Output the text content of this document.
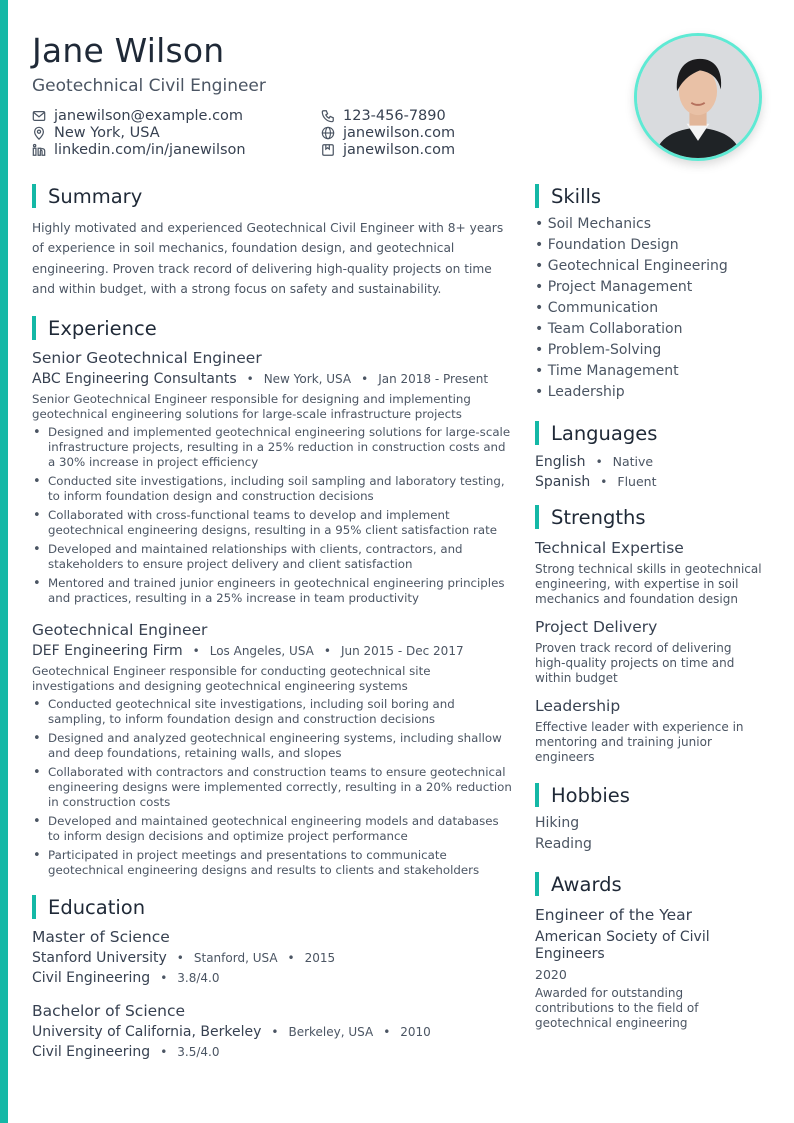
Jane Wilson
Geotechnical Civil Engineer
janewilson@example.com	123-456-7890
New York, USA	janewilson.com
linkedin.com/in/janewilson	janewilson.com
Summary

Highly motivated and experienced Geotechnical Civil Engineer with 8+ years of experience in soil mechanics, foundation design, and geotechnical engineering. Proven track record of delivering high-quality projects on time and within budget, with a strong focus on safety and sustainability.

Experience
Senior Geotechnical Engineer
ABC Engineering Consultants • New York, USA • Jan 2018 - Present

Senior Geotechnical Engineer responsible for designing and implementing geotechnical engineering solutions for large-scale infrastructure projects

• Designed and implemented geotechnical engineering solutions for large-scale infrastructure projects, resulting in a 25% reduction in construction costs and a 30% increase in project efficiency
• Conducted site investigations, including soil sampling and laboratory testing, to inform foundation design and construction decisions
• Collaborated with cross-functional teams to develop and implement geotechnical engineering designs, resulting in a 95% client satisfaction rate
• Developed and maintained relationships with clients, contractors, and stakeholders to ensure project delivery and client satisfaction
• Mentored and trained junior engineers in geotechnical engineering principles and practices, resulting in a 25% increase in team productivity
Geotechnical Engineer
DEF Engineering Firm • Los Angeles, USA • Jun 2015 - Dec 2017

Geotechnical Engineer responsible for conducting geotechnical site investigations and designing geotechnical engineering systems

• Conducted geotechnical site investigations, including soil boring and sampling, to inform foundation design and construction decisions
• Designed and analyzed geotechnical engineering systems, including shallow and deep foundations, retaining walls, and slopes
• Collaborated with contractors and construction teams to ensure geotechnical engineering designs were implemented correctly, resulting in a 20% reduction in construction costs
• Developed and maintained geotechnical engineering models and databases to inform design decisions and optimize project performance
• Participated in project meetings and presentations to communicate geotechnical engineering designs and results to clients and stakeholders
Education
Master of Science
Stanford University • Stanford, USA • 2015
Civil Engineering • 3.8/4.0
Bachelor of Science
University of California, Berkeley • Berkeley, USA • 2010
Civil Engineering • 3.5/4.0
Skills
• Soil Mechanics
• Foundation Design
• Geotechnical Engineering
• Project Management
• Communication
• Team Collaboration
• Problem-Solving
• Time Management
• Leadership
Languages
English • Native
Spanish • Fluent
Strengths
Technical Expertise

Strong technical skills in geotechnical engineering, with expertise in soil mechanics and foundation design

Project Delivery

Proven track record of delivering high-quality projects on time and within budget

Leadership

Effective leader with experience in mentoring and training junior engineers

Hobbies
Hiking
Reading
Awards
Engineer of the Year
American Society of Civil Engineers
2020

Awarded for outstanding contributions to the field of geotechnical engineering
